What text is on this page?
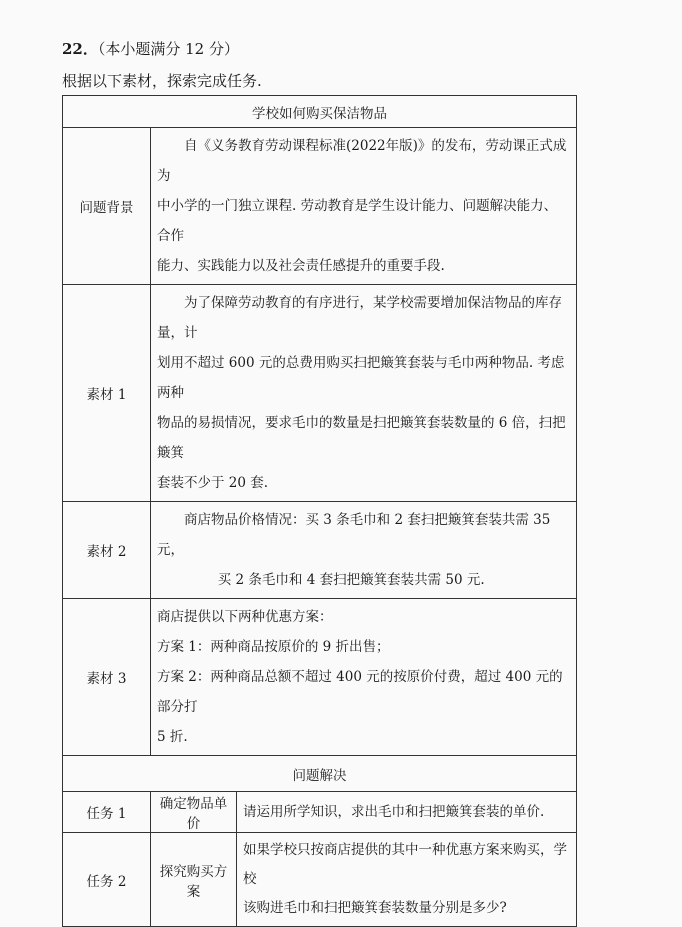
22．（本小题满分 12 分）
根据以下素材，探索完成任务.
学校如何购买保洁物品		
问题背景	自《义务教育劳动课程标准(2022年版)》的发布，劳动课正式成为
中小学的一门独立课程. 劳动教育是学生设计能力、问题解决能力、合作
能力、实践能力以及社会责任感提升的重要手段.	

素材 1	为了保障劳动教育的有序进行，某学校需要增加保洁物品的库存量，计
划用不超过 600 元的总费用购买扫把簸箕套装与毛巾两种物品. 考虑两种
物品的易损情况，要求毛巾的数量是扫把簸箕套装数量的 6 倍，扫把簸箕
套装不少于 20 套.	

素材 2	商店物品价格情况：买 3 条毛巾和 2 套扫把簸箕套装共需 35 元，
买 2 条毛巾和 4 套扫把簸箕套装共需 50 元.	

素材 3	商店提供以下两种优惠方案：
方案 1：两种商品按原价的 9 折出售；
方案 2：两种商品总额不超过 400 元的按原价付费，超过 400 元的部分打
5 折.	

问题解决		
任务 1	确定物品单价	请运用所学知识，求出毛巾和扫把簸箕套装的单价.

任务 2	探究购买方案	如果学校只按商店提供的其中一种优惠方案来购买，学校
该购进毛巾和扫把簸箕套装数量分别是多少?
